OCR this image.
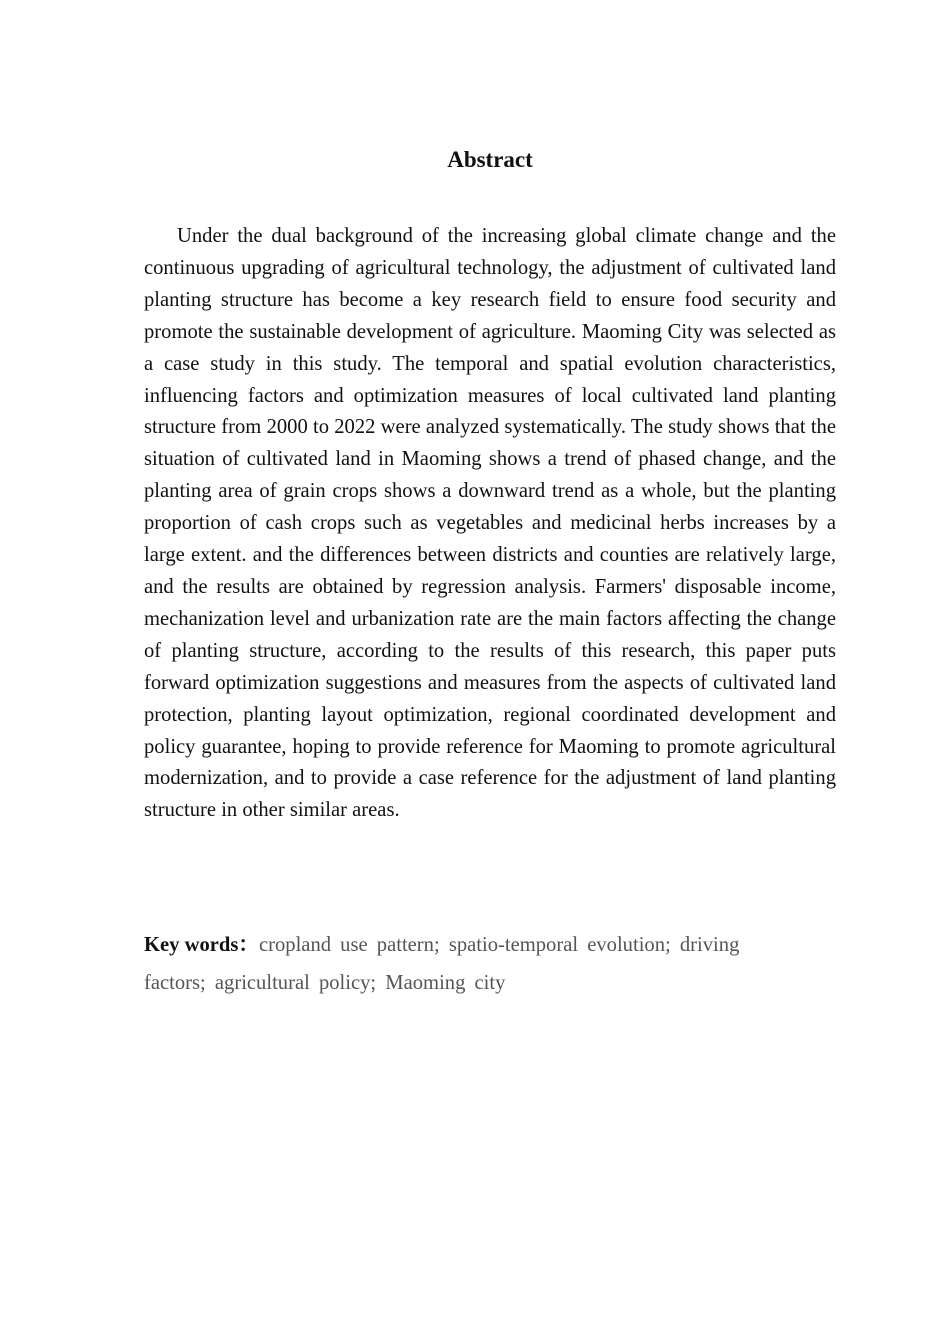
Abstract

Under the dual background of the increasing global climate change and the continuous upgrading of agricultural technology, the adjustment of cultivated land planting structure has become a key research field to ensure food security and promote the sustainable development of agriculture. Maoming City was selected as a case study in this study. The temporal and spatial evolution characteristics, influencing factors and optimization measures of local cultivated land planting structure from 2000 to 2022 were analyzed systematically. The study shows that the situation of cultivated land in Maoming shows a trend of phased change, and the planting area of grain crops shows a downward trend as a whole, but the planting proportion of cash crops such as vegetables and medicinal herbs increases by a large extent. and the differences between districts and counties are relatively large, and the results are obtained by regression analysis. Farmers' disposable income, mechanization level and urbanization rate are the main factors affecting the change of planting structure, according to the results of this research, this paper puts forward optimization suggestions and measures from the aspects of cultivated land protection, planting layout optimization, regional coordinated development and policy guarantee, hoping to provide reference for Maoming to promote agricultural modernization, and to provide a case reference for the adjustment of land planting structure in other similar areas.

Key words：cropland use pattern; spatio-temporal evolution; driving factors; agricultural policy; Maoming city
